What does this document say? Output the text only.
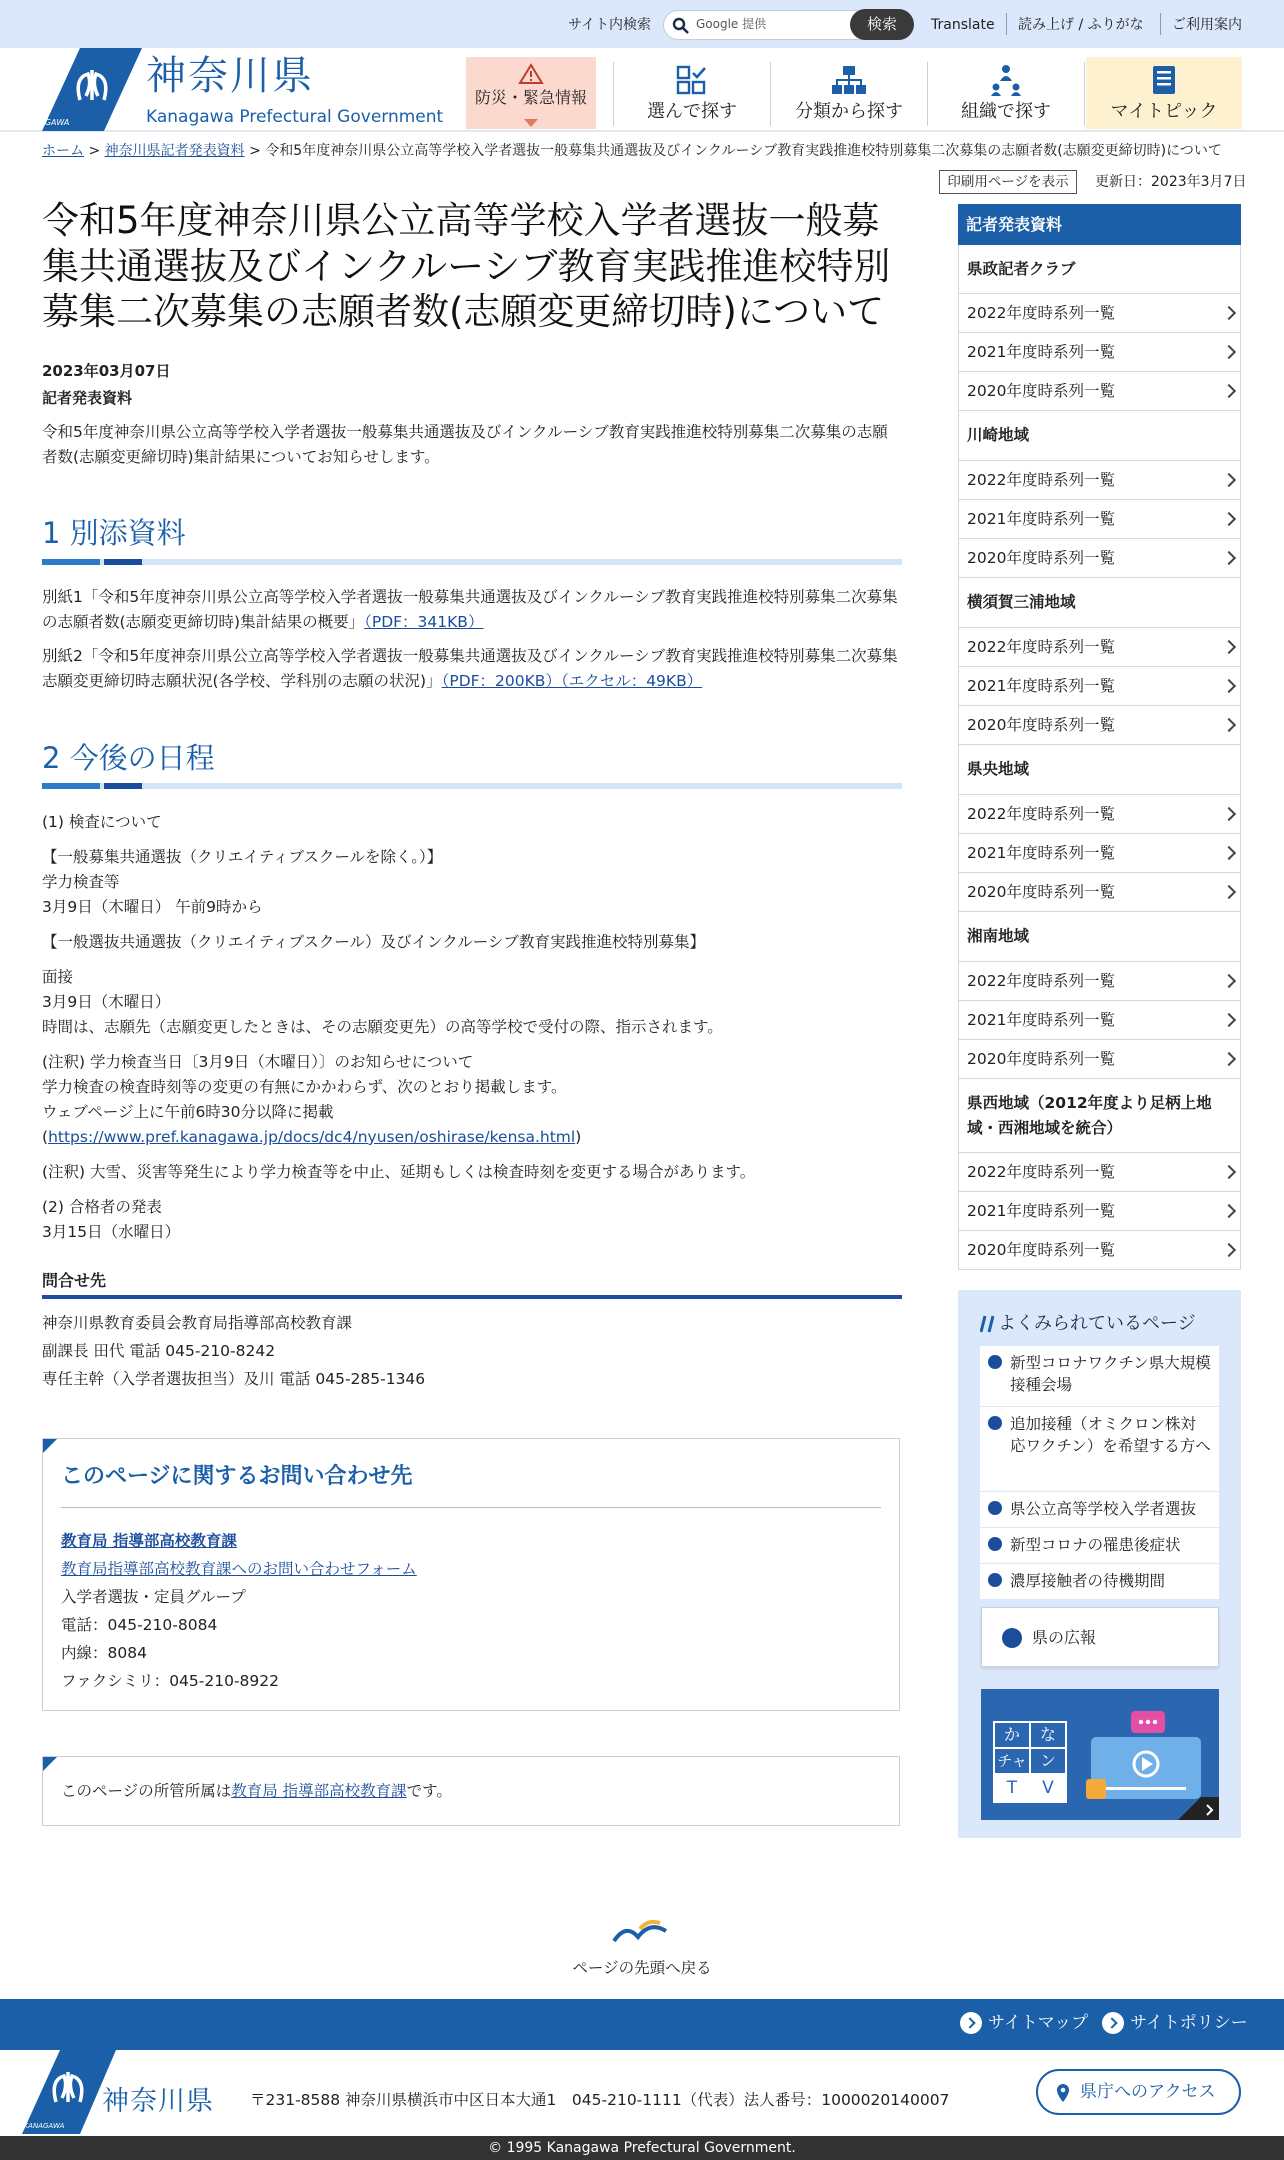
サイト内検索	Google 提供	検索	Translate 読み上げ / ふりがな ご利用案内
KANAGAWA
神奈川県
Kanagawa Prefectural Government
防災・緊急情報
選んで探す	分類から探す	組織で探す	マイトピック
ホーム > 神奈川県記者発表資料 > 令和5年度神奈川県公立高等学校入学者選抜一般募集共通選抜及びインクルーシブ教育実践推進校特別募集二次募集の志願者数(志願変更締切時)について
印刷用ページを表示	更新日：2023年3月7日
令和5年度神奈川県公立高等学校入学者選抜一般募集共通選抜及びインクルーシブ教育実践推進校特別募集二次募集の志願者数(志願変更締切時)について
2023年03月07日
記者発表資料
令和5年度神奈川県公立高等学校入学者選抜一般募集共通選抜及びインクルーシブ教育実践推進校特別募集二次募集の志願者数(志願変更締切時)集計結果についてお知らせします。
1 別添資料
別紙1「令和5年度神奈川県公立高等学校入学者選抜一般募集共通選抜及びインクルーシブ教育実践推進校特別募集二次募集の志願者数(志願変更締切時)集計結果の概要」（PDF：341KB）
別紙2「令和5年度神奈川県公立高等学校入学者選抜一般募集共通選抜及びインクルーシブ教育実践推進校特別募集二次募集志願変更締切時志願状況(各学校、学科別の志願の状況)」（PDF：200KB）（エクセル：49KB）
2 今後の日程
(1) 検査について
【一般募集共通選抜（クリエイティブスクールを除く。）】
学力検査等
3月9日（木曜日） 午前9時から
【一般選抜共通選抜（クリエイティブスクール）及びインクルーシブ教育実践推進校特別募集】
面接
3月9日（木曜日）
時間は、志願先（志願変更したときは、その志願変更先）の高等学校で受付の際、指示されます。
(注釈) 学力検査当日〔3月9日（木曜日）〕のお知らせについて
学力検査の検査時刻等の変更の有無にかかわらず、次のとおり掲載します。
ウェブページ上に午前6時30分以降に掲載
(https://www.pref.kanagawa.jp/docs/dc4/nyusen/oshirase/kensa.html)
(注釈) 大雪、災害等発生により学力検査等を中止、延期もしくは検査時刻を変更する場合があります。
(2) 合格者の発表
3月15日（水曜日）
問合せ先
神奈川県教育委員会教育局指導部高校教育課
副課長 田代 電話 045-210-8242
専任主幹（入学者選抜担当）及川 電話 045-285-1346
このページに関するお問い合わせ先
教育局 指導部高校教育課
教育局指導部高校教育課へのお問い合わせフォーム
入学者選抜・定員グループ
電話：045-210-8084
内線：8084
ファクシミリ：045-210-8922
このページの所管所属は教育局 指導部高校教育課です。
記者発表資料
県政記者クラブ
2022年度時系列一覧
2021年度時系列一覧
2020年度時系列一覧
川崎地域
2022年度時系列一覧
2021年度時系列一覧
2020年度時系列一覧
横須賀三浦地域
2022年度時系列一覧
2021年度時系列一覧
2020年度時系列一覧
県央地域
2022年度時系列一覧
2021年度時系列一覧
2020年度時系列一覧
湘南地域
2022年度時系列一覧
2021年度時系列一覧
2020年度時系列一覧
県西地域（2012年度より足柄上地域・西湘地域を統合）
2022年度時系列一覧
2021年度時系列一覧
2020年度時系列一覧
よくみられているページ
新型コロナワクチン県大規模接種会場
追加接種（オミクロン株対応ワクチン）を希望する方へ
県公立高等学校入学者選抜
新型コロナの罹患後症状
濃厚接触者の待機期間
県の広報
か	な
チャ ン
T	V
ページの先頭へ戻る
サイトマップ	サイトポリシー
KANAGAWA
神奈川県 〒231-8588 神奈川県横浜市中区日本大通1　045-210-1111（代表）法人番号：1000020140007	県庁へのアクセス
© 1995 Kanagawa Prefectural Government.
